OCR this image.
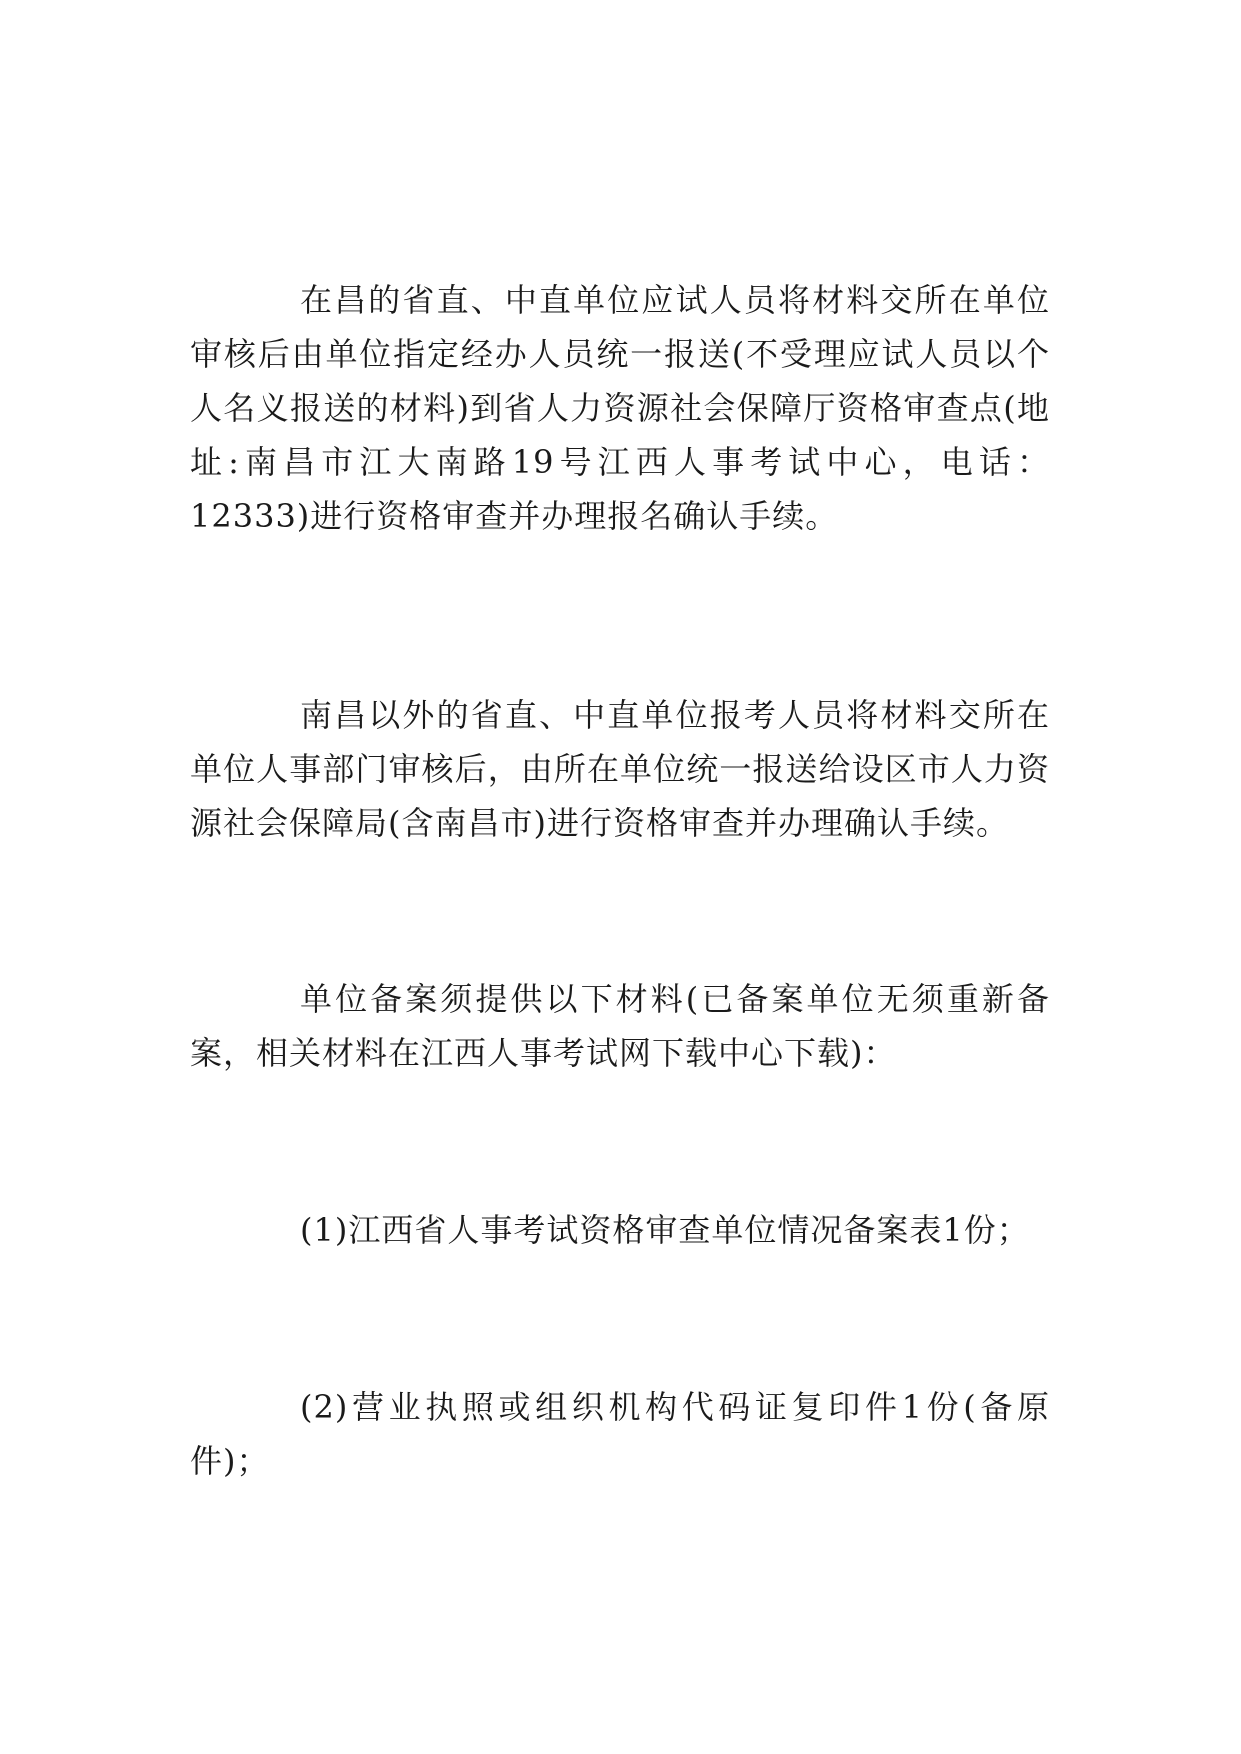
在昌的省直、中直单位应试人员将材料交所在单位审核后由单位指定经办人员统一报送(不受理应试人员以个人名义报送的材料)到省人力资源社会保障厅资格审查点(地址:南昌市江大南路19号江西人事考试中心，电话：12333)进行资格审查并办理报名确认手续。

南昌以外的省直、中直单位报考人员将材料交所在单位人事部门审核后，由所在单位统一报送给设区市人力资源社会保障局(含南昌市)进行资格审查并办理确认手续。

单位备案须提供以下材料(已备案单位无须重新备案，相关材料在江西人事考试网下载中心下载)：

(1)江西省人事考试资格审查单位情况备案表1份；

(2)营业执照或组织机构代码证复印件1份(备原件)；
